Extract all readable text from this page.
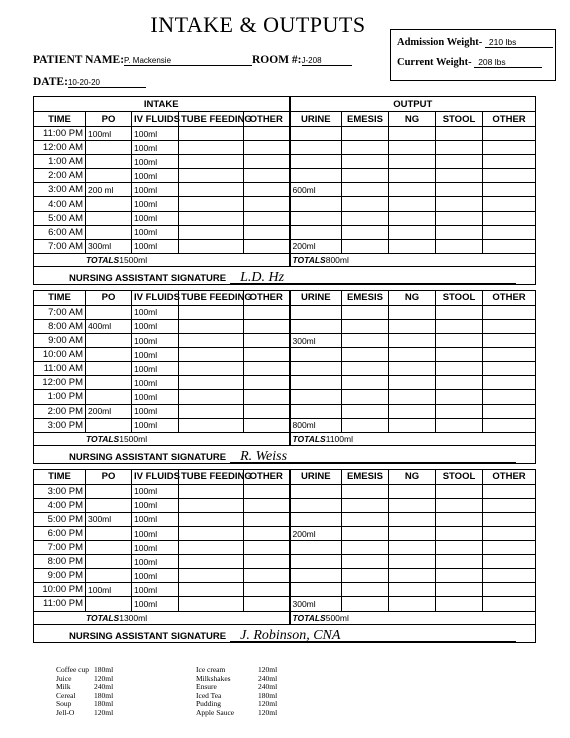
INTAKE & OUTPUTS
Admission Weight- 210 lbs
Current Weight- 208 lbs
PATIENT NAME:P. Mackensie	ROOM #:J-208
DATE:10-20-20
INTAKE					OUTPUT				
TIME	PO	IV FLUIDS	TUBE FEEDING	OTHER	URINE	EMESIS	NG	STOOL	OTHER
11:00 PM	100ml	100ml							
12:00 AM		100ml							
1:00 AM		100ml							
2:00 AM		100ml							
3:00 AM	200 ml	100ml			600ml				
4:00 AM		100ml							
5:00 AM		100ml							
6:00 AM		100ml							
7:00 AM	300ml	100ml			200ml				
TOTALS1500ml					TOTALS800ml				

NURSING ASSISTANT SIGNATURE L.D. Hz									

TIME	PO	IV FLUIDS	TUBE FEEDING	OTHER	URINE	EMESIS	NG	STOOL	OTHER
7:00 AM		100ml							
8:00 AM	400ml	100ml							
9:00 AM		100ml			300ml				
10:00 AM		100ml							
11:00 AM		100ml							
12:00 PM		100ml							
1:00 PM		100ml							
2:00 PM	200ml	100ml							
3:00 PM		100ml			800ml				
TOTALS1500ml					TOTALS1100ml				

NURSING ASSISTANT SIGNATURE R. Weiss									

TIME	PO	IV FLUIDS	TUBE FEEDING	OTHER	URINE	EMESIS	NG	STOOL	OTHER
3:00 PM		100ml							
4:00 PM		100ml							
5:00 PM	300ml	100ml							
6:00 PM		100ml			200ml				
7:00 PM		100ml							
8:00 PM		100ml							
9:00 PM		100ml							
10:00 PM	100ml	100ml							
11:00 PM		100ml			300ml				
TOTALS1300ml					TOTALS500ml				

NURSING ASSISTANT SIGNATURE J. Robinson, CNA									
Coffee cup 180ml
Juice	120ml
Milk	240ml
Cereal	180ml
Soup	180ml
Jell-O	120ml
Ice cream	120ml
Milkshakes	240ml
Ensure	240ml
Iced Tea	180ml
Pudding	120ml
Apple Sauce	120ml
